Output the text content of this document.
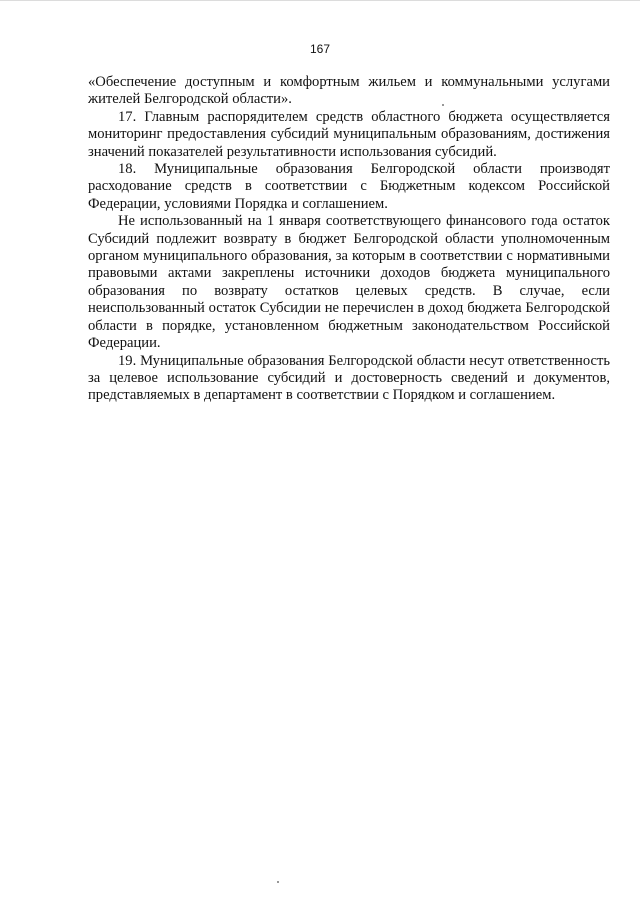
167

«Обеспечение доступным и комфортным жильем и коммунальными услугами жителей Белгородской области».

17. Главным распорядителем средств областного бюджета осуществляется мониторинг предоставления субсидий муниципальным образованиям, достижения значений показателей результативности использования субсидий.

18. Муниципальные образования Белгородской области производят расходование средств в соответствии с Бюджетным кодексом Российской Федерации, условиями Порядка и соглашением.

Не использованный на 1 января соответствующего финансового года остаток Субсидий подлежит возврату в бюджет Белгородской области уполномоченным органом муниципального образования, за которым в соответствии с нормативными правовыми актами закреплены источники доходов бюджета муниципального образования по возврату остатков целевых средств. В случае, если неиспользованный остаток Субсидии не перечислен в доход бюджета Белгородской области в порядке, установленном бюджетным законодательством Российской Федерации.

19. Муниципальные образования Белгородской области несут ответственность за целевое использование субсидий и достоверность сведений и документов, представляемых в департамент в соответствии с Порядком и соглашением.
